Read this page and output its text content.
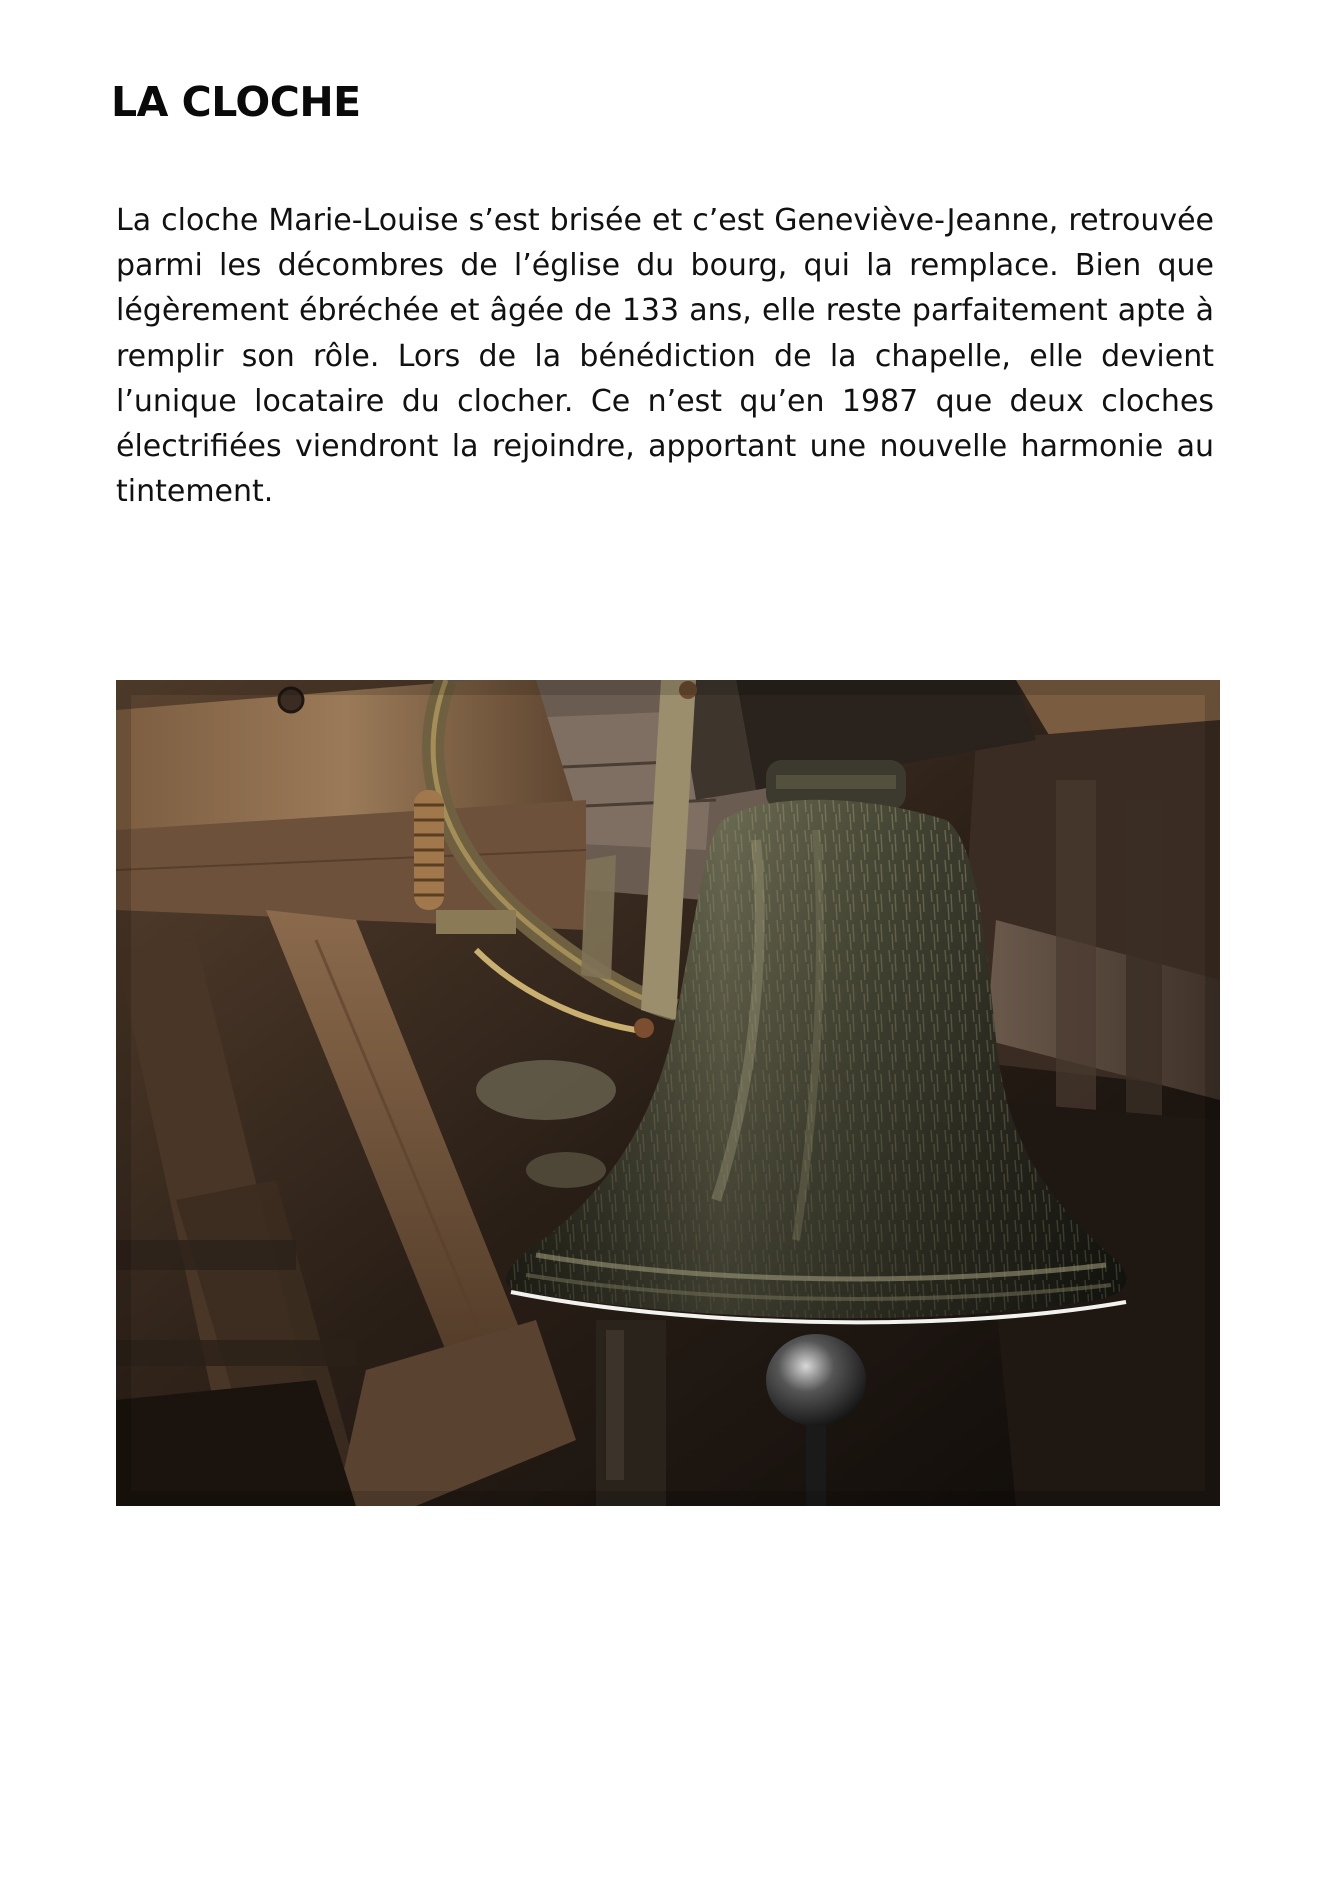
LA CLOCHE

La cloche Marie-Louise s’est brisée et c’est Geneviève-Jeanne, retrouvée parmi les décombres de l’église du bourg, qui la remplace. Bien que légèrement ébréchée et âgée de 133 ans, elle reste parfaitement apte à remplir son rôle. Lors de la bénédiction de la chapelle, elle devient l’unique locataire du clocher. Ce n’est qu’en 1987 que deux cloches électrifiées viendront la rejoindre, apportant une nouvelle harmonie au tintement.
